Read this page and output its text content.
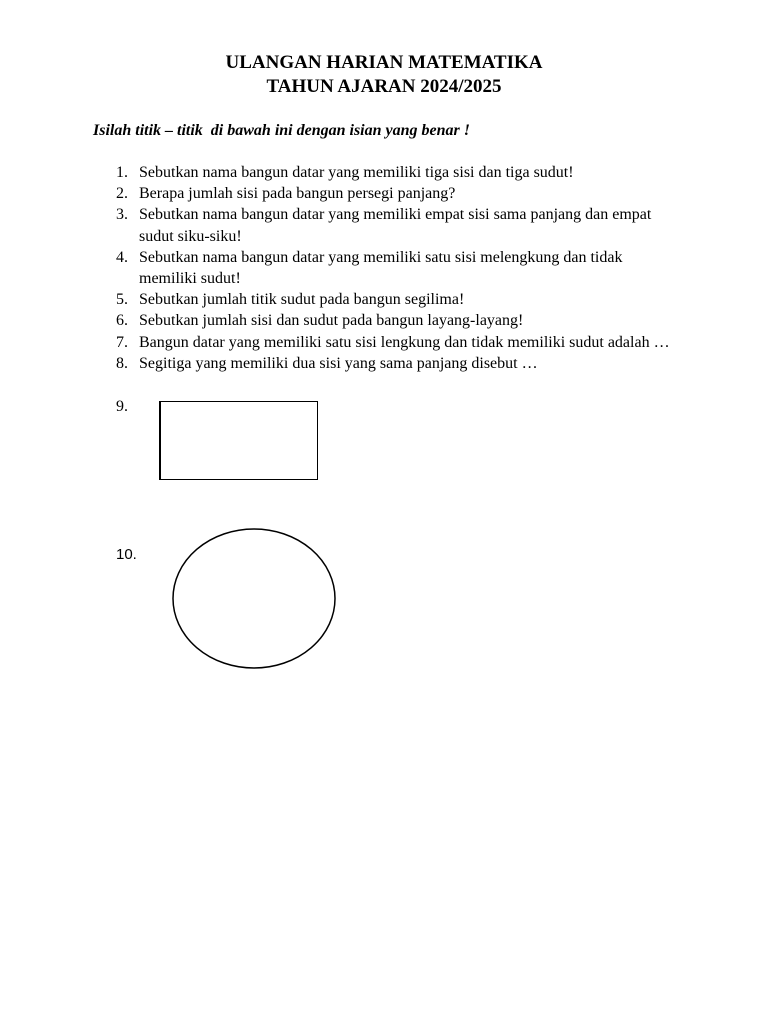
ULANGAN HARIAN MATEMATIKA
TAHUN AJARAN 2024/2025

Isilah titik – titik  di bawah ini dengan isian yang benar !

1. Sebutkan nama bangun datar yang memiliki tiga sisi dan tiga sudut!
2. Berapa jumlah sisi pada bangun persegi panjang?
3. Sebutkan nama bangun datar yang memiliki empat sisi sama panjang dan empat sudut siku-siku!
4. Sebutkan nama bangun datar yang memiliki satu sisi melengkung dan tidak memiliki sudut!
5. Sebutkan jumlah titik sudut pada bangun segilima!
6. Sebutkan jumlah sisi dan sudut pada bangun layang-layang!
7. Bangun datar yang memiliki satu sisi lengkung dan tidak memiliki sudut adalah …
8. Segitiga yang memiliki dua sisi yang sama panjang disebut …
9.
10.
